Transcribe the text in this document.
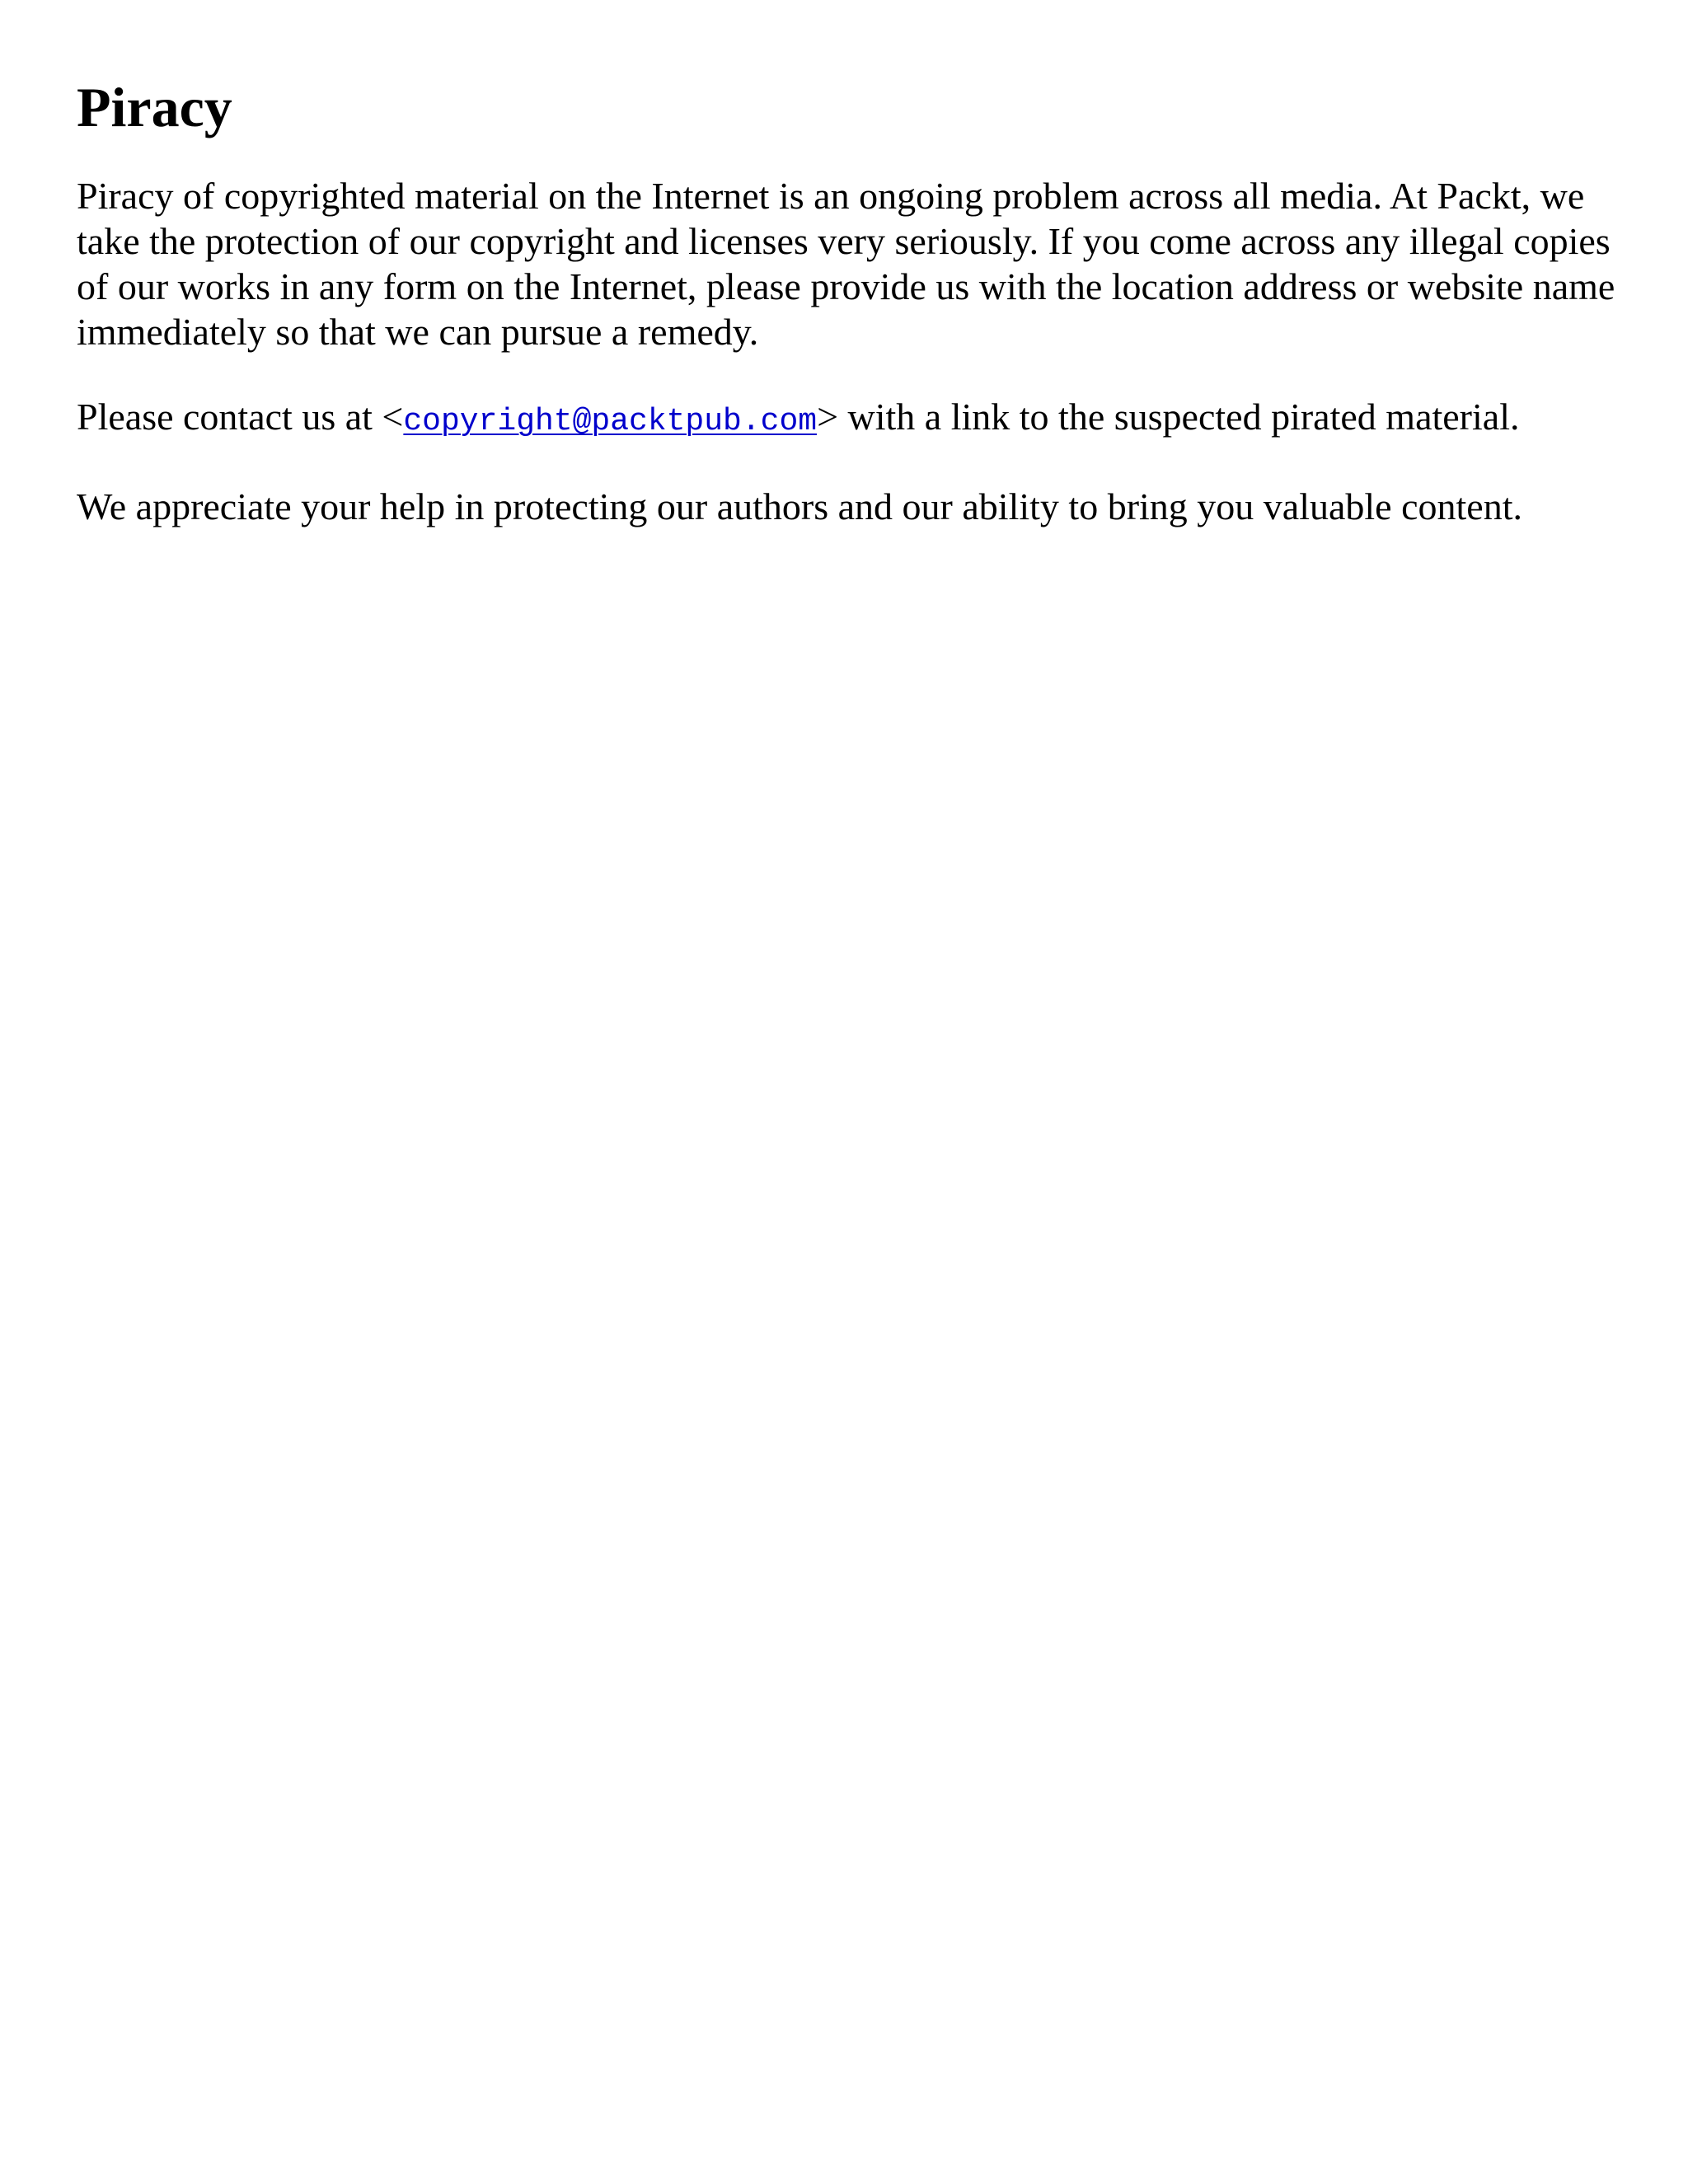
Piracy

Piracy of copyrighted material on the Internet is an ongoing problem across all media. At Packt, we take the protection of our copyright and licenses very seriously. If you come across any illegal copies of our works in any form on the Internet, please provide us with the location address or website name immediately so that we can pursue a remedy.

Please contact us at <copyright@packtpub.com> with a link to the suspected pirated material.

We appreciate your help in protecting our authors and our ability to bring you valuable content.
